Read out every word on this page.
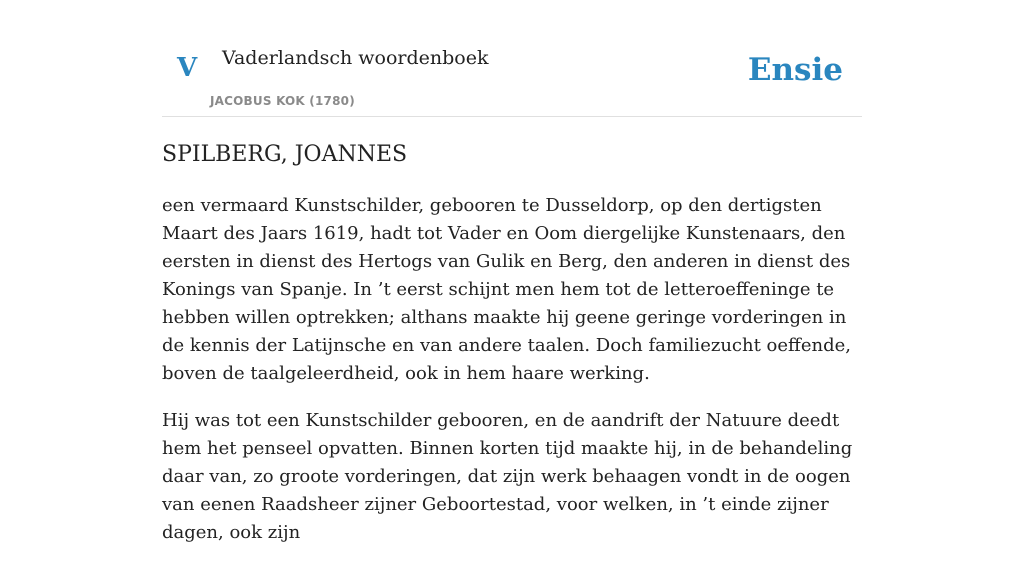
V Vaderlandsch woordenboek
JACOBUS KOK (1780)
Ensie
SPILBERG, JOANNES

een vermaard Kunstschilder, gebooren te Dusseldorp, op den dertigsten Maart des Jaars 1619, hadt tot Vader en Oom diergelijke Kunstenaars, den eersten in dienst des Hertogs van Gulik en Berg, den anderen in dienst des Konings van Spanje. In ’t eerst schijnt men hem tot de letteroeffeninge te hebben willen optrekken; althans maakte hij geene geringe vorderingen in de kennis der Latijnsche en van andere taalen. Doch familiezucht oeffende, boven de taalgeleerdheid, ook in hem haare werking.

Hij was tot een Kunstschilder gebooren, en de aandrift der Natuure deedt hem het penseel opvatten. Binnen korten tijd maakte hij, in de behandeling daar van, zo groote vorderingen, dat zijn werk behaagen vondt in de oogen van eenen Raadsheer zijner Geboortestad, voor welken, in ’t einde zijner dagen, ook zijn
